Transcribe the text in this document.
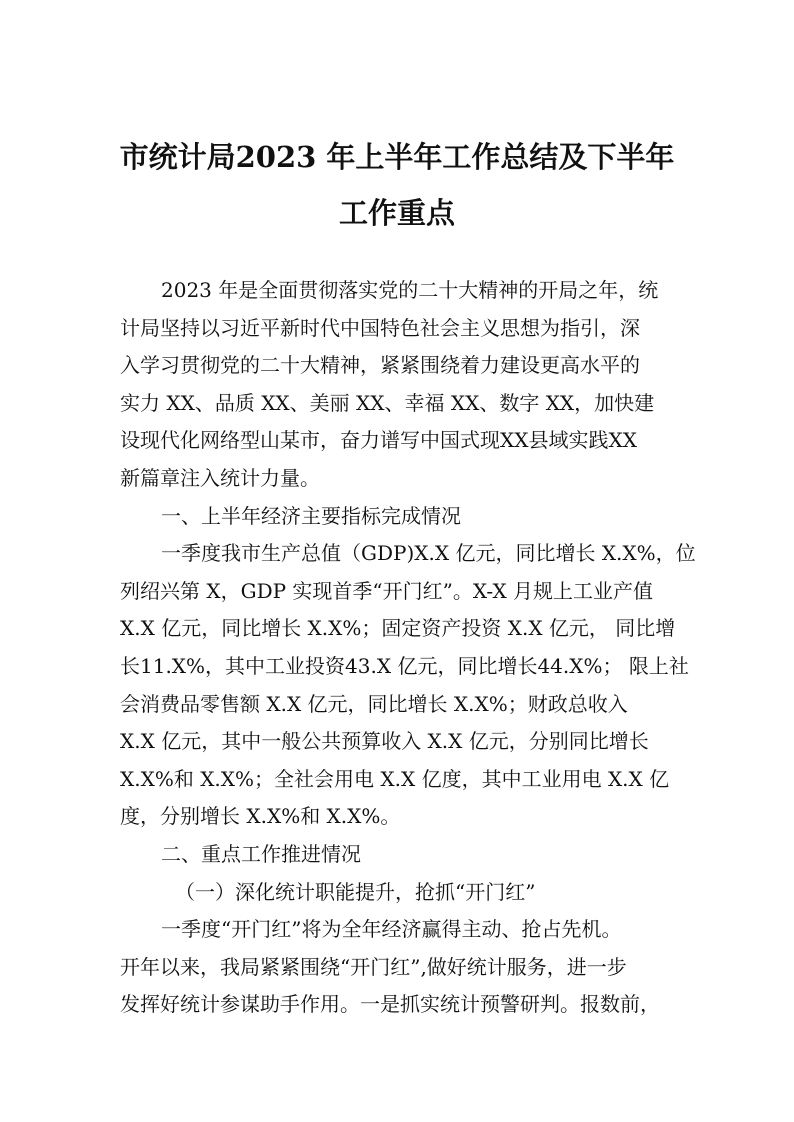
市统计局2023 年上半年工作总结及下半年
工作重点

2023 年是全面贯彻落实党的二十大精神的开局之年，统

计局坚持以习近平新时代中国特色社会主义思想为指引，深

入学习贯彻党的二十大精神，紧紧围绕着力建设更高水平的

实力 XX、品质 XX、美丽 XX、幸福 XX、数字 XX，加快建

设现代化网络型山某市，奋力谱写中国式现XX县域实践XX

新篇章注入统计力量。

一、上半年经济主要指标完成情况

一季度我市生产总值（GDP)X.X 亿元，同比增长 X.X%，位

列绍兴第 X，GDP 实现首季“开门红”。X-X 月规上工业产值

X.X 亿元，同比增长 X.X%；固定资产投资 X.X 亿元， 同比增

长11.X%，其中工业投资43.X 亿元，同比增长44.X%； 限上社

会消费品零售额 X.X 亿元，同比增长 X.X%；财政总收入

X.X 亿元，其中一般公共预算收入 X.X 亿元，分别同比增长

X.X%和 X.X%；全社会用电 X.X 亿度，其中工业用电 X.X 亿

度，分别增长 X.X%和 X.X%。

二、重点工作推进情况

（一）深化统计职能提升，抢抓“开门红”

一季度“开门红”将为全年经济赢得主动、抢占先机。

开年以来，我局紧紧围绕“开门红”,做好统计服务，进一步

发挥好统计参谋助手作用。一是抓实统计预警研判。报数前，
